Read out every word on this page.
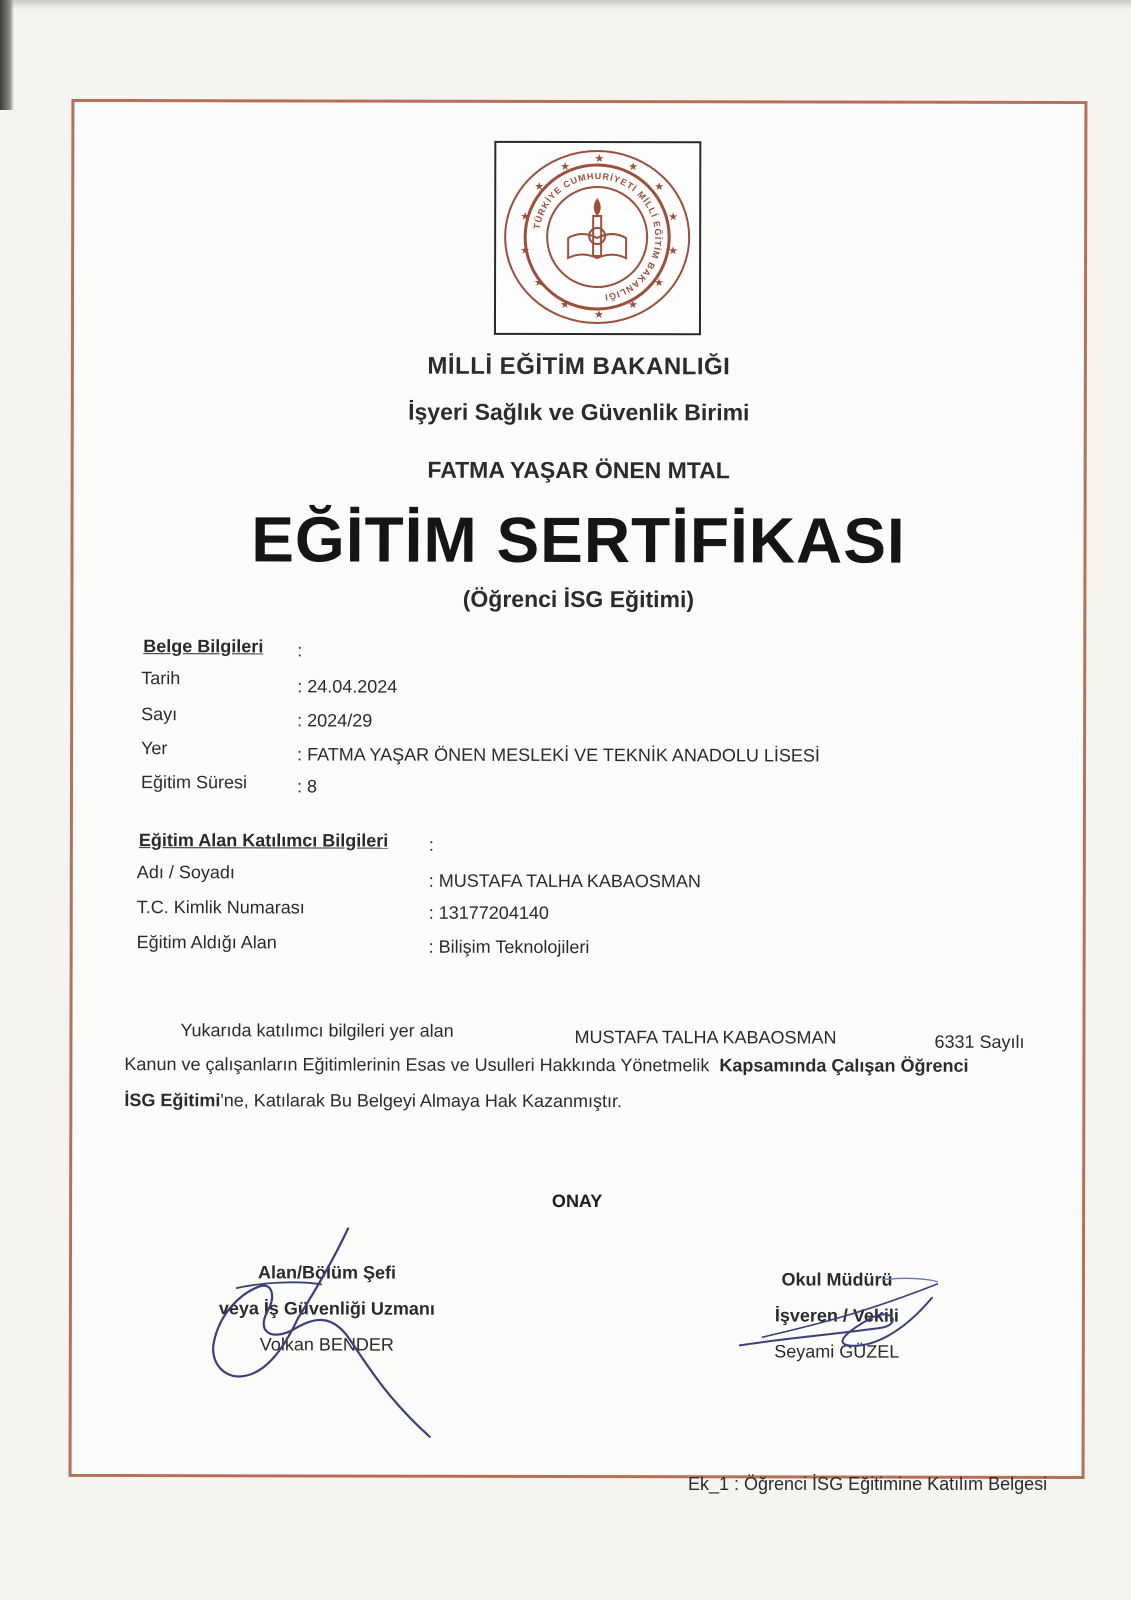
TÜRKİYE CUMHURİYETİ MİLLİ EĞİTİM BAKANLIĞI
★
★
★
★
★
★
★
★
★
★
★
★
★
★
MİLLİ EĞİTİM BAKANLIĞI
İşyeri Sağlık ve Güvenlik Birimi
FATMA YAŞAR ÖNEN MTAL
EĞİTİM SERTİFİKASI
(Öğrenci İSG Eğitimi)
Belge Bilgileri :
Tarih	: 24.04.2024
Sayı	: 2024/29
Yer	: FATMA YAŞAR ÖNEN MESLEKİ VE TEKNİK ANADOLU LİSESİ
Eğitim Süresi	: 8
Eğitim Alan Katılımcı Bilgileri :
Adı / Soyadı	: MUSTAFA TALHA KABAOSMAN
T.C. Kimlik Numarası	: 13177204140
Eğitim Aldığı Alan	: Bilişim Teknolojileri
Yukarıda katılımcı bilgileri yer alan	MUSTAFA TALHA KABAOSMAN	6331 Sayılı
Kanun ve çalışanların Eğitimlerinin Esas ve Usulleri Hakkında Yönetmelik Kapsamında Çalışan Öğrenci
İSG Eğitimi'ne, Katılarak Bu Belgeyi Almaya Hak Kazanmıştır.
ONAY
Alan/Bölüm Şefi
veya İş Güvenliği Uzmanı
Volkan BENDER
Okul Müdürü
İşveren / Vekili
Seyami GÜZEL
Ek_1 : Öğrenci İSG Eğitimine Katılım Belgesi
